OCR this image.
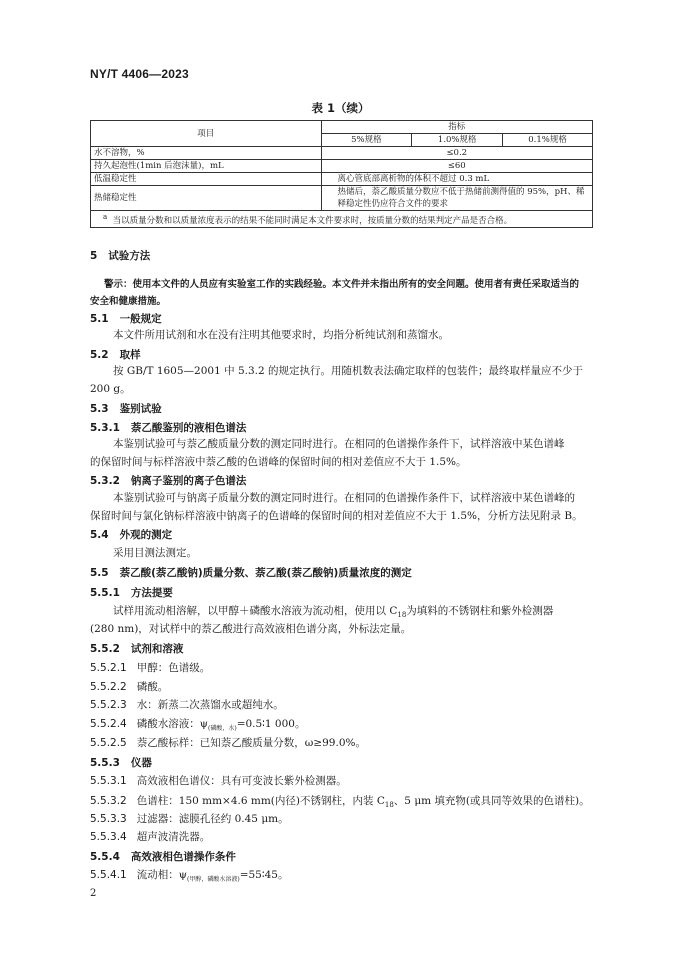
NY/T 4406—2023
表 1（续）
项目	指标		
	5%规格	1.0%规格	0.1%规格
水不溶物，%	≤0.2		
持久起泡性(1min 后泡沫量)，mL	≤60		
低温稳定性	离心管底部离析物的体积不超过 0.3 mL		
热储稳定性	热储后，萘乙酸质量分数应不低于热储前测得值的 95%，pH、稀释稳定性仍应符合文件的要求		
$^a$ 当以质量分数和以质量浓度表示的结果不能同时满足本文件要求时，按质量分数的结果判定产品是否合格。			
5 试验方法
警示：使用本文件的人员应有实验室工作的实践经验。本文件并未指出所有的安全问题。使用者有责任采取适当的
安全和健康措施。
5.1 一般规定
本文件所用试剂和水在没有注明其他要求时，均指分析纯试剂和蒸馏水。
5.2 取样
按 GB/T 1605—2001 中 5.3.2 的规定执行。用随机数表法确定取样的包装件；最终取样量应不少于
200 g。
5.3 鉴别试验
5.3.1 萘乙酸鉴别的液相色谱法
本鉴别试验可与萘乙酸质量分数的测定同时进行。在相同的色谱操作条件下，试样溶液中某色谱峰
的保留时间与标样溶液中萘乙酸的色谱峰的保留时间的相对差值应不大于 1.5%。
5.3.2 钠离子鉴别的离子色谱法
本鉴别试验可与钠离子质量分数的测定同时进行。在相同的色谱操作条件下，试样溶液中某色谱峰的
保留时间与氯化钠标样溶液中钠离子的色谱峰的保留时间的相对差值应不大于 1.5%，分析方法见附录 B。
5.4 外观的测定
采用目测法测定。
5.5 萘乙酸(萘乙酸钠)质量分数、萘乙酸(萘乙酸钠)质量浓度的测定
5.5.1 方法提要
试样用流动相溶解，以甲醇＋磷酸水溶液为流动相，使用以 $C_{18}$为填料的不锈钢柱和紫外检测器
(280 nm)，对试样中的萘乙酸进行高效液相色谱分离，外标法定量。
5.5.2 试剂和溶液
5.5.2.1 甲醇：色谱级。
5.5.2.2 磷酸。
5.5.2.3 水：新蒸二次蒸馏水或超纯水。
5.5.2.4 磷酸水溶液：$\psi_{(磷酸,水)}=0.5∶1$ 000。
5.5.2.5 萘乙酸标样：已知萘乙酸质量分数，ω≥99.0%。
5.5.3 仪器
5.5.3.1 高效液相色谱仪：具有可变波长紫外检测器。
5.5.3.2 色谱柱：150 mm×4.6 mm(内径)不锈钢柱，内装 $C_{18}$、5 μm 填充物(或具同等效果的色谱柱)。
5.5.3.3 过滤器：滤膜孔径约 0.45 μm。
5.5.3.4 超声波清洗器。
5.5.4 高效液相色谱操作条件
5.5.4.1 流动相：$\psi_{(甲醇,磷酸水溶液)}=55∶45$。
2
